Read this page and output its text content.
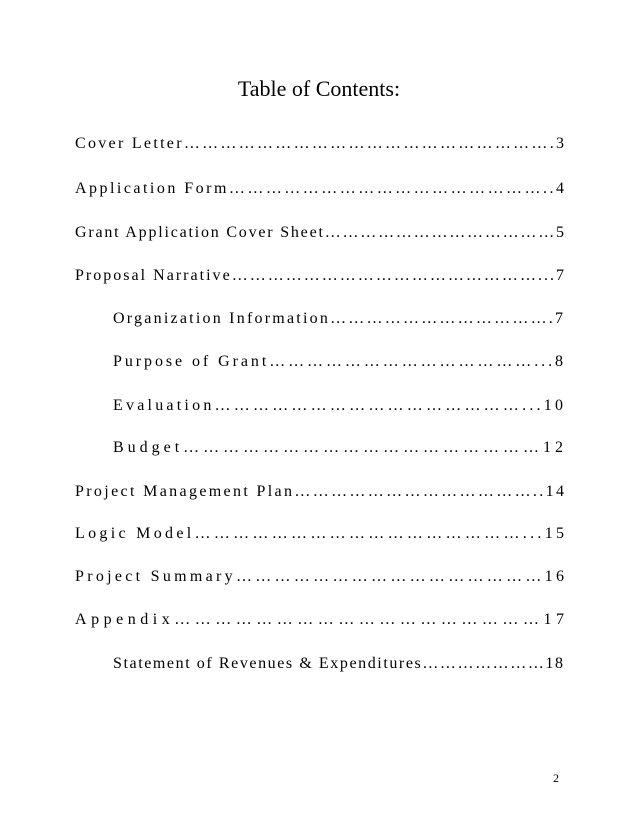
Table of Contents:
Cover Letter…………………………………………………….3
Application Form……………………………………………..4
Grant Application Cover Sheet…………………………………5
Proposal Narrative……………………………………………...7
Organization Information……………………………….7
Purpose of Grant……………………………………...8
Evaluation…………………………………………...10
Budget………………………………………………12
Project Management Plan…………………………………..14
Logic Model……………………………………………...15
Project Summary…………………………………………16
Appendix………………………………………………17
Statement of Revenues & Expenditures…………………18
2
